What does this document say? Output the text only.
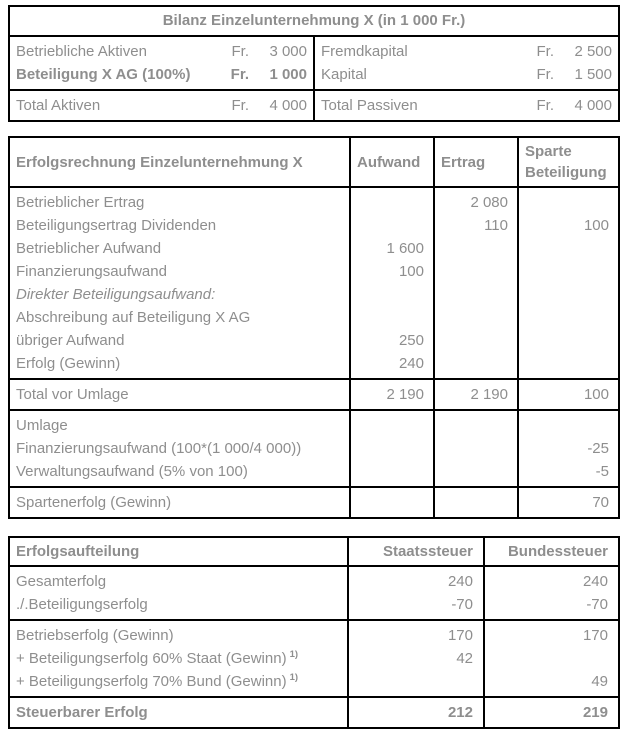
Bilanz Einzelunternehmung X (in 1 000 Fr.)	

Betriebliche Aktiven	Fr.	3 000
Beteiligung X AG (100%)	Fr.	1 000

Fremdkapital	Fr.	2 500
Kapital	Fr.	1 500

Total Aktiven Fr. 4 000	Total Passiven Fr. 4 000
Erfolgsrechnung Einzelunternehmung X	Aufwand	Ertrag	Sparte Beteiligung

Betrieblicher Ertrag
Beteiligungsertrag Dividenden
Betrieblicher Aufwand
Finanzierungsaufwand
Direkter Beteiligungsaufwand:
Abschreibung auf Beteiligung X AG
übriger Aufwand
Erfolg (Gewinn)

1 600
100
250
240

2 080
110	100

Total vor Umlage	2 190	2 190	100

Umlage
Finanzierungsaufwand (100*(1 000/4 000))
Verwaltungsaufwand (5% von 100)

-25
-5

Spartenerfolg (Gewinn)			70
Erfolgsaufteilung	Staatssteuer	Bundessteuer

Gesamterfolg
./.Beteiligungserfolg

240
-70

240
-70

Betriebserfolg (Gewinn)
+ Beteiligungserfolg 60% Staat (Gewinn) $^{1)}$
+ Beteiligungserfolg 70% Bund (Gewinn) $^{1)}$

170
42

170
49

Steuerbarer Erfolg	212	219
